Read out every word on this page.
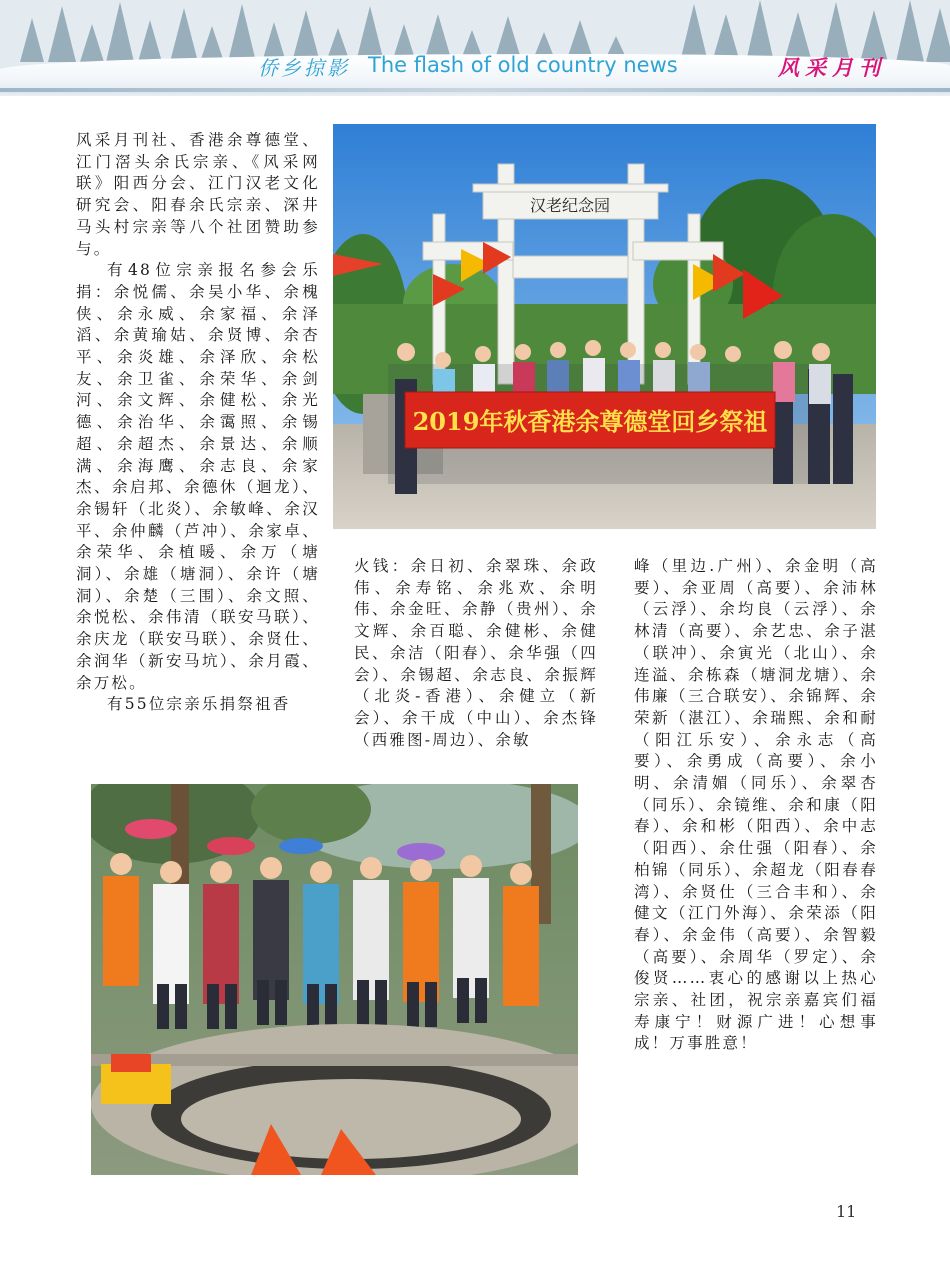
侨乡掠影 The flash of old country news	风采月刊

风采月刊社、香港余尊德堂、江门滘头余氏宗亲、《风采网联》阳西分会、江门汉老文化研究会、阳春余氏宗亲、深井马头村宗亲等八个社团赞助参与。

有48位宗亲报名参会乐捐：余悦儒、余吴小华、余槐侠、余永威、余家福、余泽滔、余黄瑜姑、余贤博、余杏平、余炎雄、余泽欣、余松友、余卫雀、余荣华、余剑河、余文辉、余健松、余光德、余治华、余霭照、余锡超、余超杰、余景达、余顺满、余海鹰、余志良、余家杰、余启邦、余德休（迴龙）、余锡轩（北炎）、余敏峰、余汉平、余仲麟（芦冲）、余家卓、余荣华、余植暖、余万（塘洞）、余雄（塘洞）、余许（塘洞）、余楚（三围）、余文照、余悦松、余伟清（联安马联）、余庆龙（联安马联）、余贤仕、余润华（新安马坑）、余月霞、余万松。

有55位宗亲乐捐祭祖香

汉老纪念园
2019年秋香港余尊德堂回乡祭祖

火钱：余日初、余翠珠、余政伟、余寿铭、余兆欢、余明伟、余金旺、余静（贵州）、余文辉、余百聪、余健彬、余健民、余洁（阳春）、余华强（四会）、余锡超、余志良、余振辉（北炎-香港）、余健立（新会）、余干成（中山）、余杰锋（西雅图-周边）、余敏

峰（里边.广州）、余金明（高要）、余亚周（高要）、余沛林（云浮）、余均良（云浮）、余林清（高要）、余艺忠、余子湛（联冲）、余寅光（北山）、余连溢、余栋森（塘洞龙塘）、余伟廉（三合联安）、余锦辉、余荣新（湛江）、余瑞熙、余和耐（阳江乐安）、余永志（高要）、余勇成（高要）、余小明、余清媚（同乐）、余翠杏（同乐）、余镜维、余和康（阳春）、余和彬（阳西）、余中志（阳西）、余仕强（阳春）、余柏锦（同乐）、余超龙（阳春春湾）、余贤仕（三合丰和）、余健文（江门外海）、余荣添（阳春）、余金伟（高要）、余智毅（高要）、余周华（罗定）、余俊贤……衷心的感谢以上热心宗亲、社团，祝宗亲嘉宾们福寿康宁！财源广进！心想事成！万事胜意！

11
